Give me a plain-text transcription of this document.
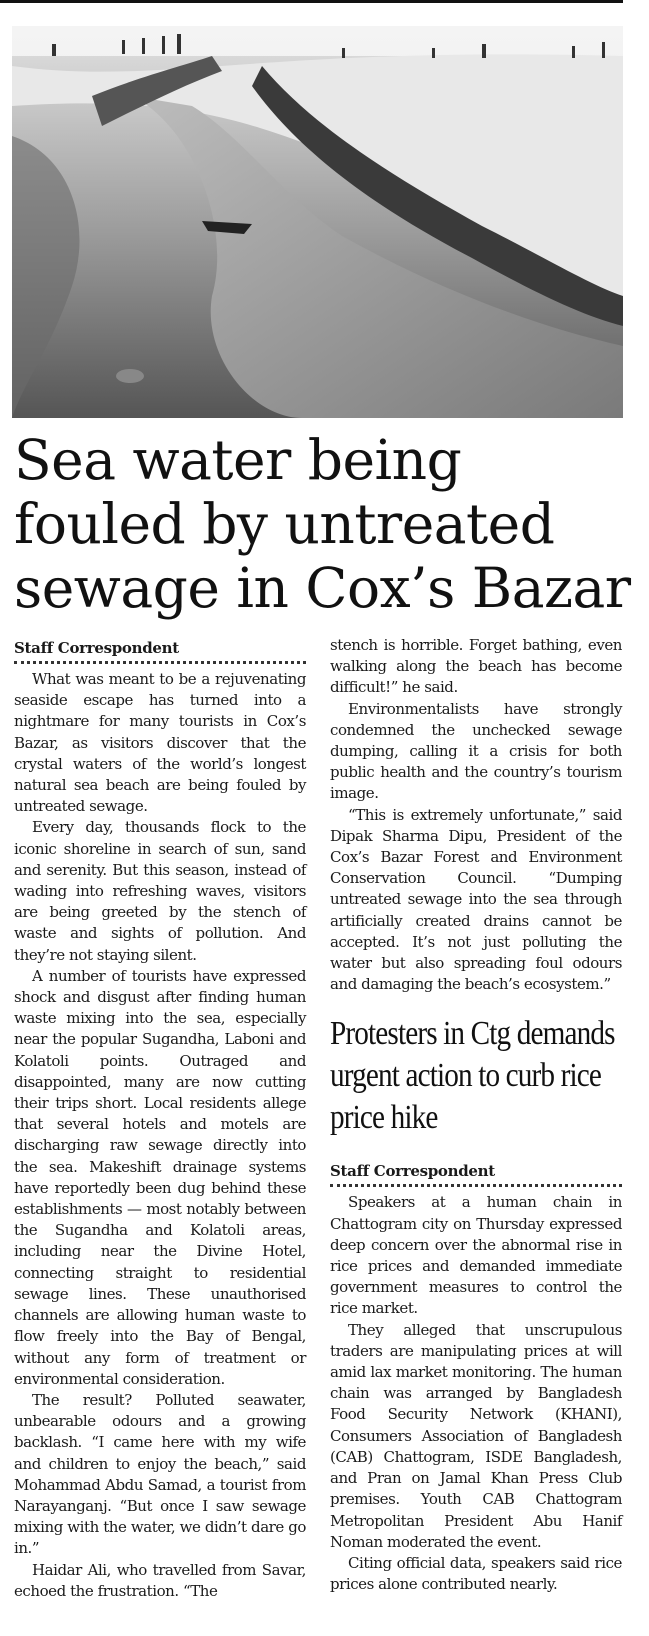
Sea water being fouled by untreated sewage in Cox’s Bazar
Staff Correspondent

What was meant to be a rejuvenating seaside escape has turned into a nightmare for many tourists in Cox’s Bazar, as visitors discover that the crystal waters of the world’s longest natural sea beach are being fouled by untreated sewage.

Every day, thousands flock to the iconic shoreline in search of sun, sand and serenity. But this season, instead of wading into refreshing waves, visitors are being greeted by the stench of waste and sights of pollution. And they’re not staying silent.

A number of tourists have expressed shock and disgust after finding human waste mixing into the sea, especially near the popular Sugandha, Laboni and Kolatoli points. Outraged and disappointed, many are now cutting their trips short. Local residents allege that several hotels and motels are discharging raw sewage directly into the sea. Makeshift drainage systems have reportedly been dug behind these establishments — most notably between the Sugandha and Kolatoli areas, including near the Divine Hotel, connecting straight to residential sewage lines. These unauthorised channels are allowing human waste to flow freely into the Bay of Bengal, without any form of treatment or environmental consideration.

The result? Polluted seawater, unbearable odours and a growing backlash. “I came here with my wife and children to enjoy the beach,” said Mohammad Abdu Samad, a tourist from Narayanganj. “But once I saw sewage mixing with the water, we didn’t dare go in.”

Haidar Ali, who travelled from Savar, echoed the frustration. “The

stench is horrible. Forget bathing, even walking along the beach has become difficult!” he said.

Environmentalists have strongly condemned the unchecked sewage dumping, calling it a crisis for both public health and the country’s tourism image.

“This is extremely unfortunate,” said Dipak Sharma Dipu, President of the Cox’s Bazar Forest and Environment Conservation Council. “Dumping untreated sewage into the sea through artificially created drains cannot be accepted. It’s not just polluting the water but also spreading foul odours and damaging the beach’s ecosystem.”

Protesters in Ctg demands urgent action to curb rice price hike
Staff Correspondent

Speakers at a human chain in Chattogram city on Thursday expressed deep concern over the abnormal rise in rice prices and demanded immediate government measures to control the rice market.

They alleged that unscrupulous traders are manipulating prices at will amid lax market monitoring. The human chain was arranged by Bangladesh Food Security Network (KHANI), Consumers Association of Bangladesh (CAB) Chattogram, ISDE Bangladesh, and Pran on Jamal Khan Press Club premises. Youth CAB Chattogram Metropolitan President Abu Hanif Noman moderated the event.

Citing official data, speakers said rice prices alone contributed nearly.
